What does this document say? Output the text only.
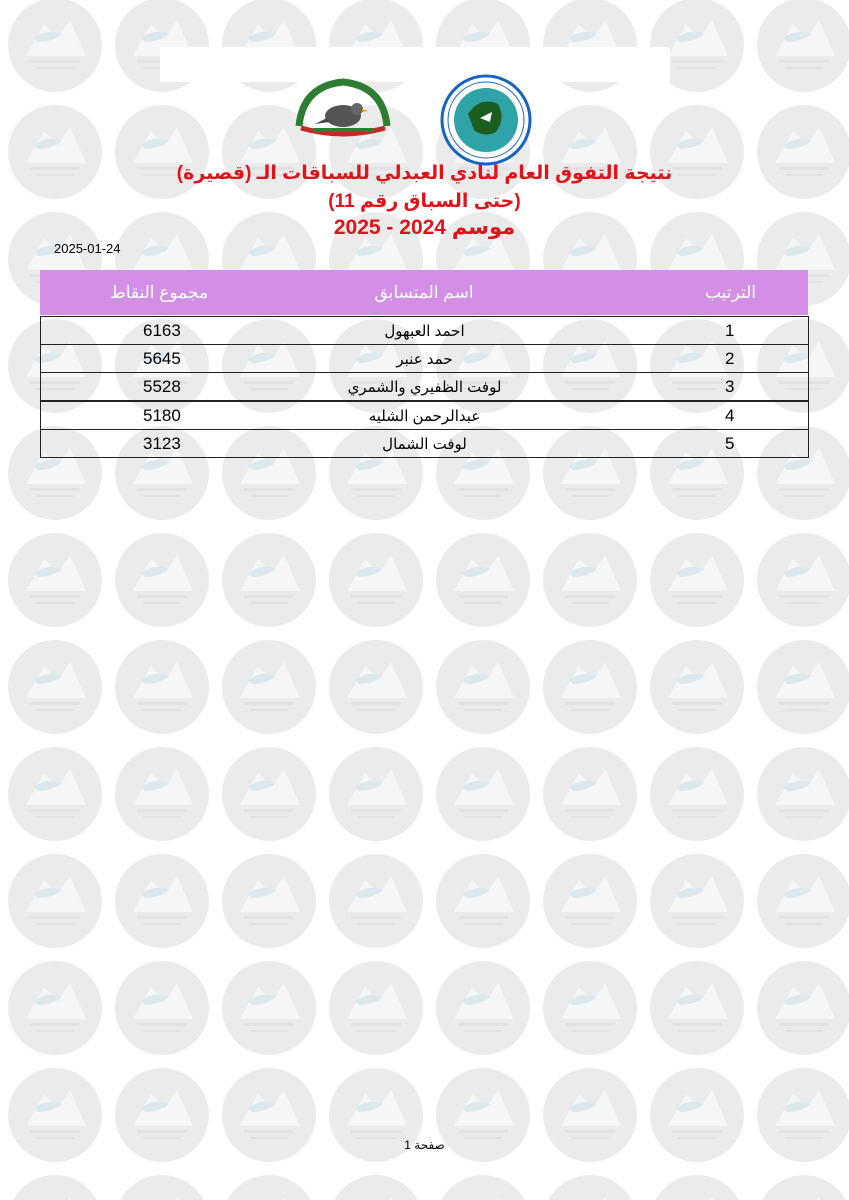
نتيجة التفوق العام لنادي العبدلي للسباقات الـ (قصيرة)
(حتى السباق رقم 11)
موسم 2024 - 2025
2025-01-24
مجموع النقاط	اسم المتسابق	الترتيب
6163	احمد العبهول	1
5645	حمد عنبر	2
5528	لوفت الظفيري والشمري	3
5180	عبدالرحمن الشليه	4
3123	لوفت الشمال	5
صفحة 1
